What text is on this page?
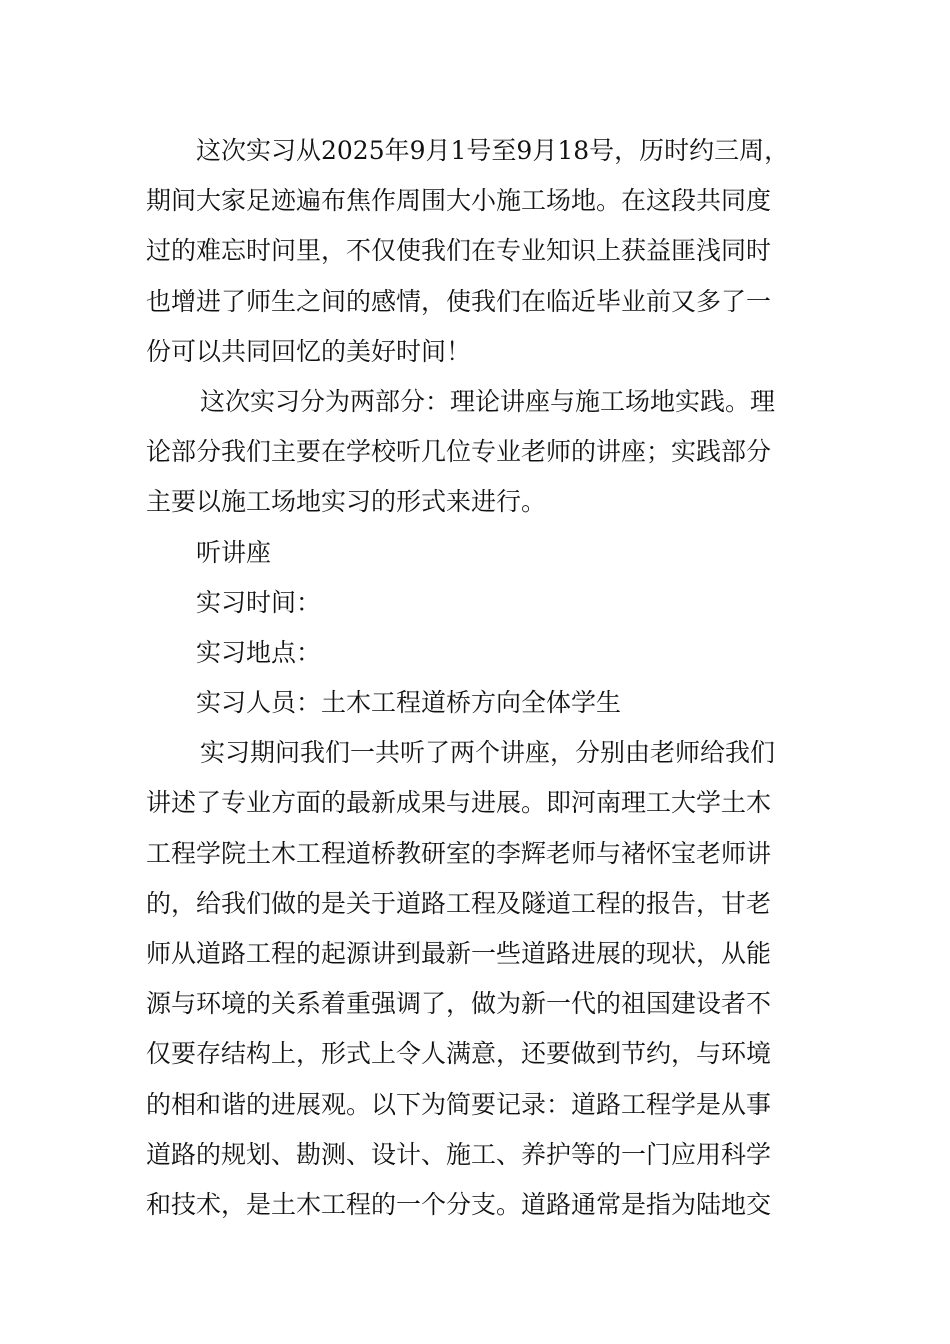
这次实习从2025年9月1号至9月18号，历时约三周，
期间大家足迹遍布焦作周围大小施工场地。在这段共同度
过的难忘时问里，不仅使我们在专业知识上获益匪浅同时
也增进了师生之间的感情，使我们在临近毕业前又多了一
份可以共同回忆的美好时间！
这次实习分为两部分：理论讲座与施工场地实践。理
论部分我们主要在学校听几位专业老师的讲座；实践部分
主要以施工场地实习的形式来进行。
听讲座
实习时间：
实习地点：
实习人员：土木工程道桥方向全体学生
实习期问我们一共听了两个讲座，分别由老师给我们
讲述了专业方面的最新成果与进展。即河南理工大学土木
工程学院土木工程道桥教研室的李辉老师与褚怀宝老师讲
的，给我们做的是关于道路工程及隧道工程的报告，甘老
师从道路工程的起源讲到最新一些道路进展的现状，从能
源与环境的关系着重强调了，做为新一代的祖国建设者不
仅要存结构上，形式上令人满意，还要做到节约，与环境
的相和谐的进展观。以下为简要记录：道路工程学是从事
道路的规划、勘测、设计、施工、养护等的一门应用科学
和技术，是土木工程的一个分支。道路通常是指为陆地交
